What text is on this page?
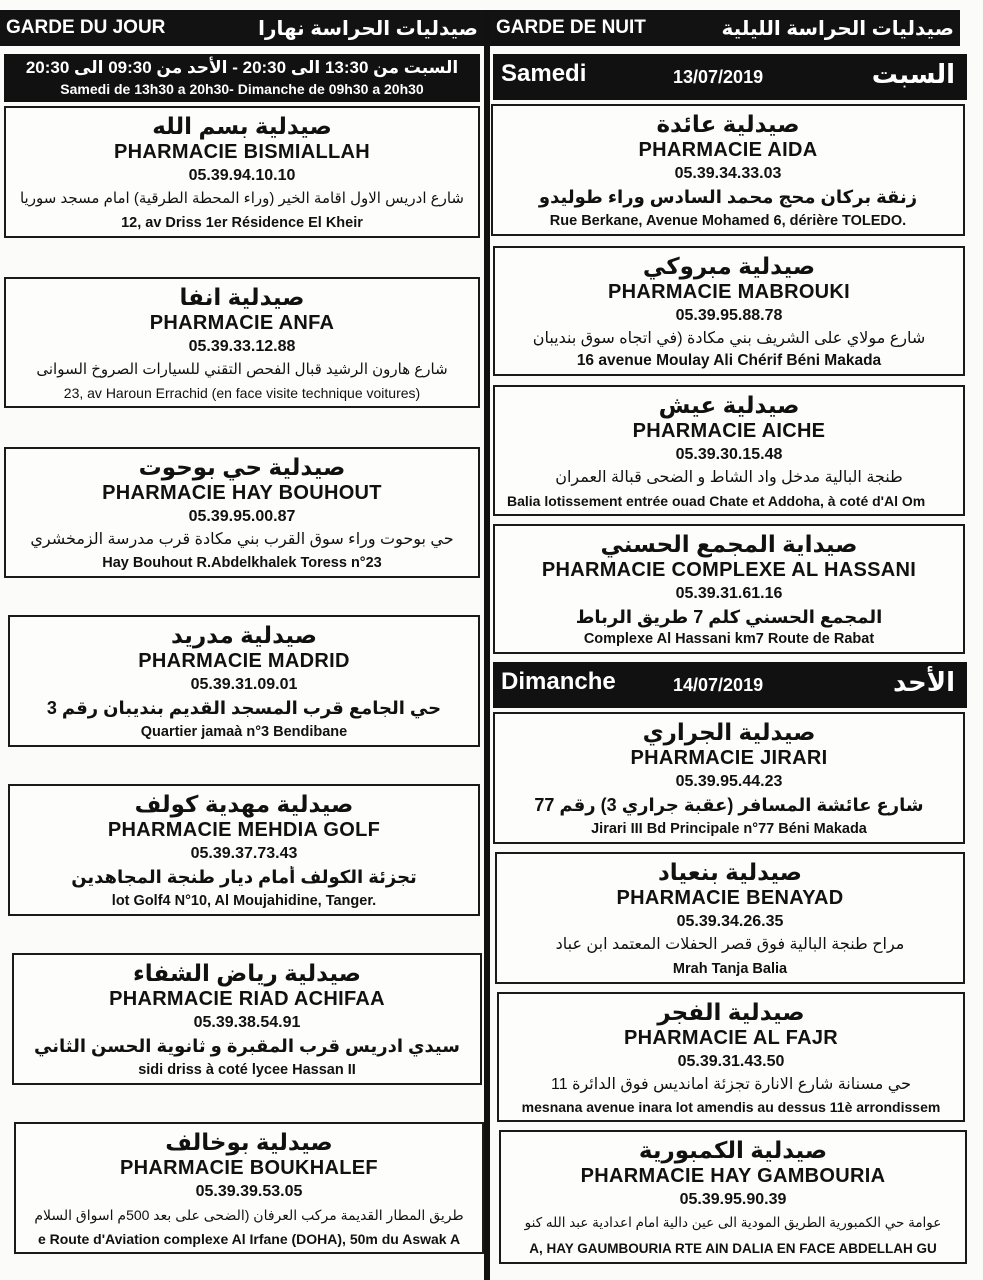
GARDE DU JOUR	صيدليات الحراسة نهارا
السبت من 13:30 الى 20:30 - الأحد من 09:30 الى 20:30
Samedi de 13h30 a 20h30- Dimanche de 09h30 a 20h30
صيدلية بسم الله
PHARMACIE BISMIALLAH
05.39.94.10.10
شارع ادريس الاول اقامة الخير (وراء المحطة الطرقية) امام مسجد سوريا
12, av Driss 1er Résidence El Kheir
صيدلية انفا
PHARMACIE ANFA
05.39.33.12.88
شارع هارون الرشيد قبال الفحص التقني للسيارات الصروخ السوانى
23, av Haroun Errachid (en face visite technique voitures)
صيدلية حي بوحوت
PHARMACIE HAY BOUHOUT
05.39.95.00.87
حي بوحوت وراء سوق القرب بني مكادة قرب مدرسة الزمخشري
Hay Bouhout R.Abdelkhalek Toress n°23
صيدلية مدريد
PHARMACIE MADRID
05.39.31.09.01
حي الجامع قرب المسجد القديم بنديبان رقم 3
Quartier jamaà n°3 Bendibane
صيدلية مهدية كولف
PHARMACIE MEHDIA GOLF
05.39.37.73.43
تجزئة الكولف أمام ديار طنجة المجاهدين
lot Golf4 N°10, Al Moujahidine, Tanger.
صيدلية رياض الشفاء
PHARMACIE RIAD ACHIFAA
05.39.38.54.91
سيدي ادريس قرب المقبرة و ثانوية الحسن الثاني
sidi driss à coté lycee Hassan II
صيدلية بوخالف
PHARMACIE BOUKHALEF
05.39.39.53.05
طريق المطار القديمة مركب العرفان (الضحى على بعد 500م اسواق السلام
e Route d'Aviation complexe Al Irfane (DOHA), 50m du Aswak A
GARDE DE NUIT	صيدليات الحراسة الليلية
Samedi	13/07/2019	السبت
صيدلية عائدة
PHARMACIE AIDA
05.39.34.33.03
زنقة بركان محج محمد السادس وراء طوليدو
Rue Berkane, Avenue Mohamed 6, dérière TOLEDO.
صيدلية مبروكي
PHARMACIE MABROUKI
05.39.95.88.78
شارع مولاي على الشريف بني مكادة (في اتجاه سوق بنديبان
16 avenue Moulay Ali Chérif Béni Makada
صيدلية عيش
PHARMACIE AICHE
05.39.30.15.48
طنجة البالية مدخل واد الشاط و الضحى قبالة العمران
Balia lotissement entrée ouad Chate et Addoha, à coté d'Al Om
صيداية المجمع الحسني
PHARMACIE COMPLEXE AL HASSANI
05.39.31.61.16
المجمع الحسني كلم 7 طريق الرباط
Complexe Al Hassani km7 Route de Rabat
Dimanche	14/07/2019	الأحد
صيدلية الجراري
PHARMACIE JIRARI
05.39.95.44.23
شارع عائشة المسافر (عقبة جراري 3) رقم 77
Jirari III Bd Principale n°77 Béni Makada
صيدلية بنعياد
PHARMACIE BENAYAD
05.39.34.26.35
مراح طنجة البالية فوق قصر الحفلات المعتمد ابن عباد
Mrah Tanja Balia
صيدلية الفجر
PHARMACIE AL FAJR
05.39.31.43.50
حي مسنانة شارع الانارة تجزئة اماندیس فوق الدائرة 11
mesnana avenue inara lot amendis au dessus 11è arrondissem
صيدلية الكمبورية
PHARMACIE HAY GAMBOURIA
05.39.95.90.39
عوامة حي الكمبورية الطريق المودية الى عين دالية امام اعدادية عبد الله كنو
A, HAY GAUMBOURIA RTE AIN DALIA EN FACE ABDELLAH GU
